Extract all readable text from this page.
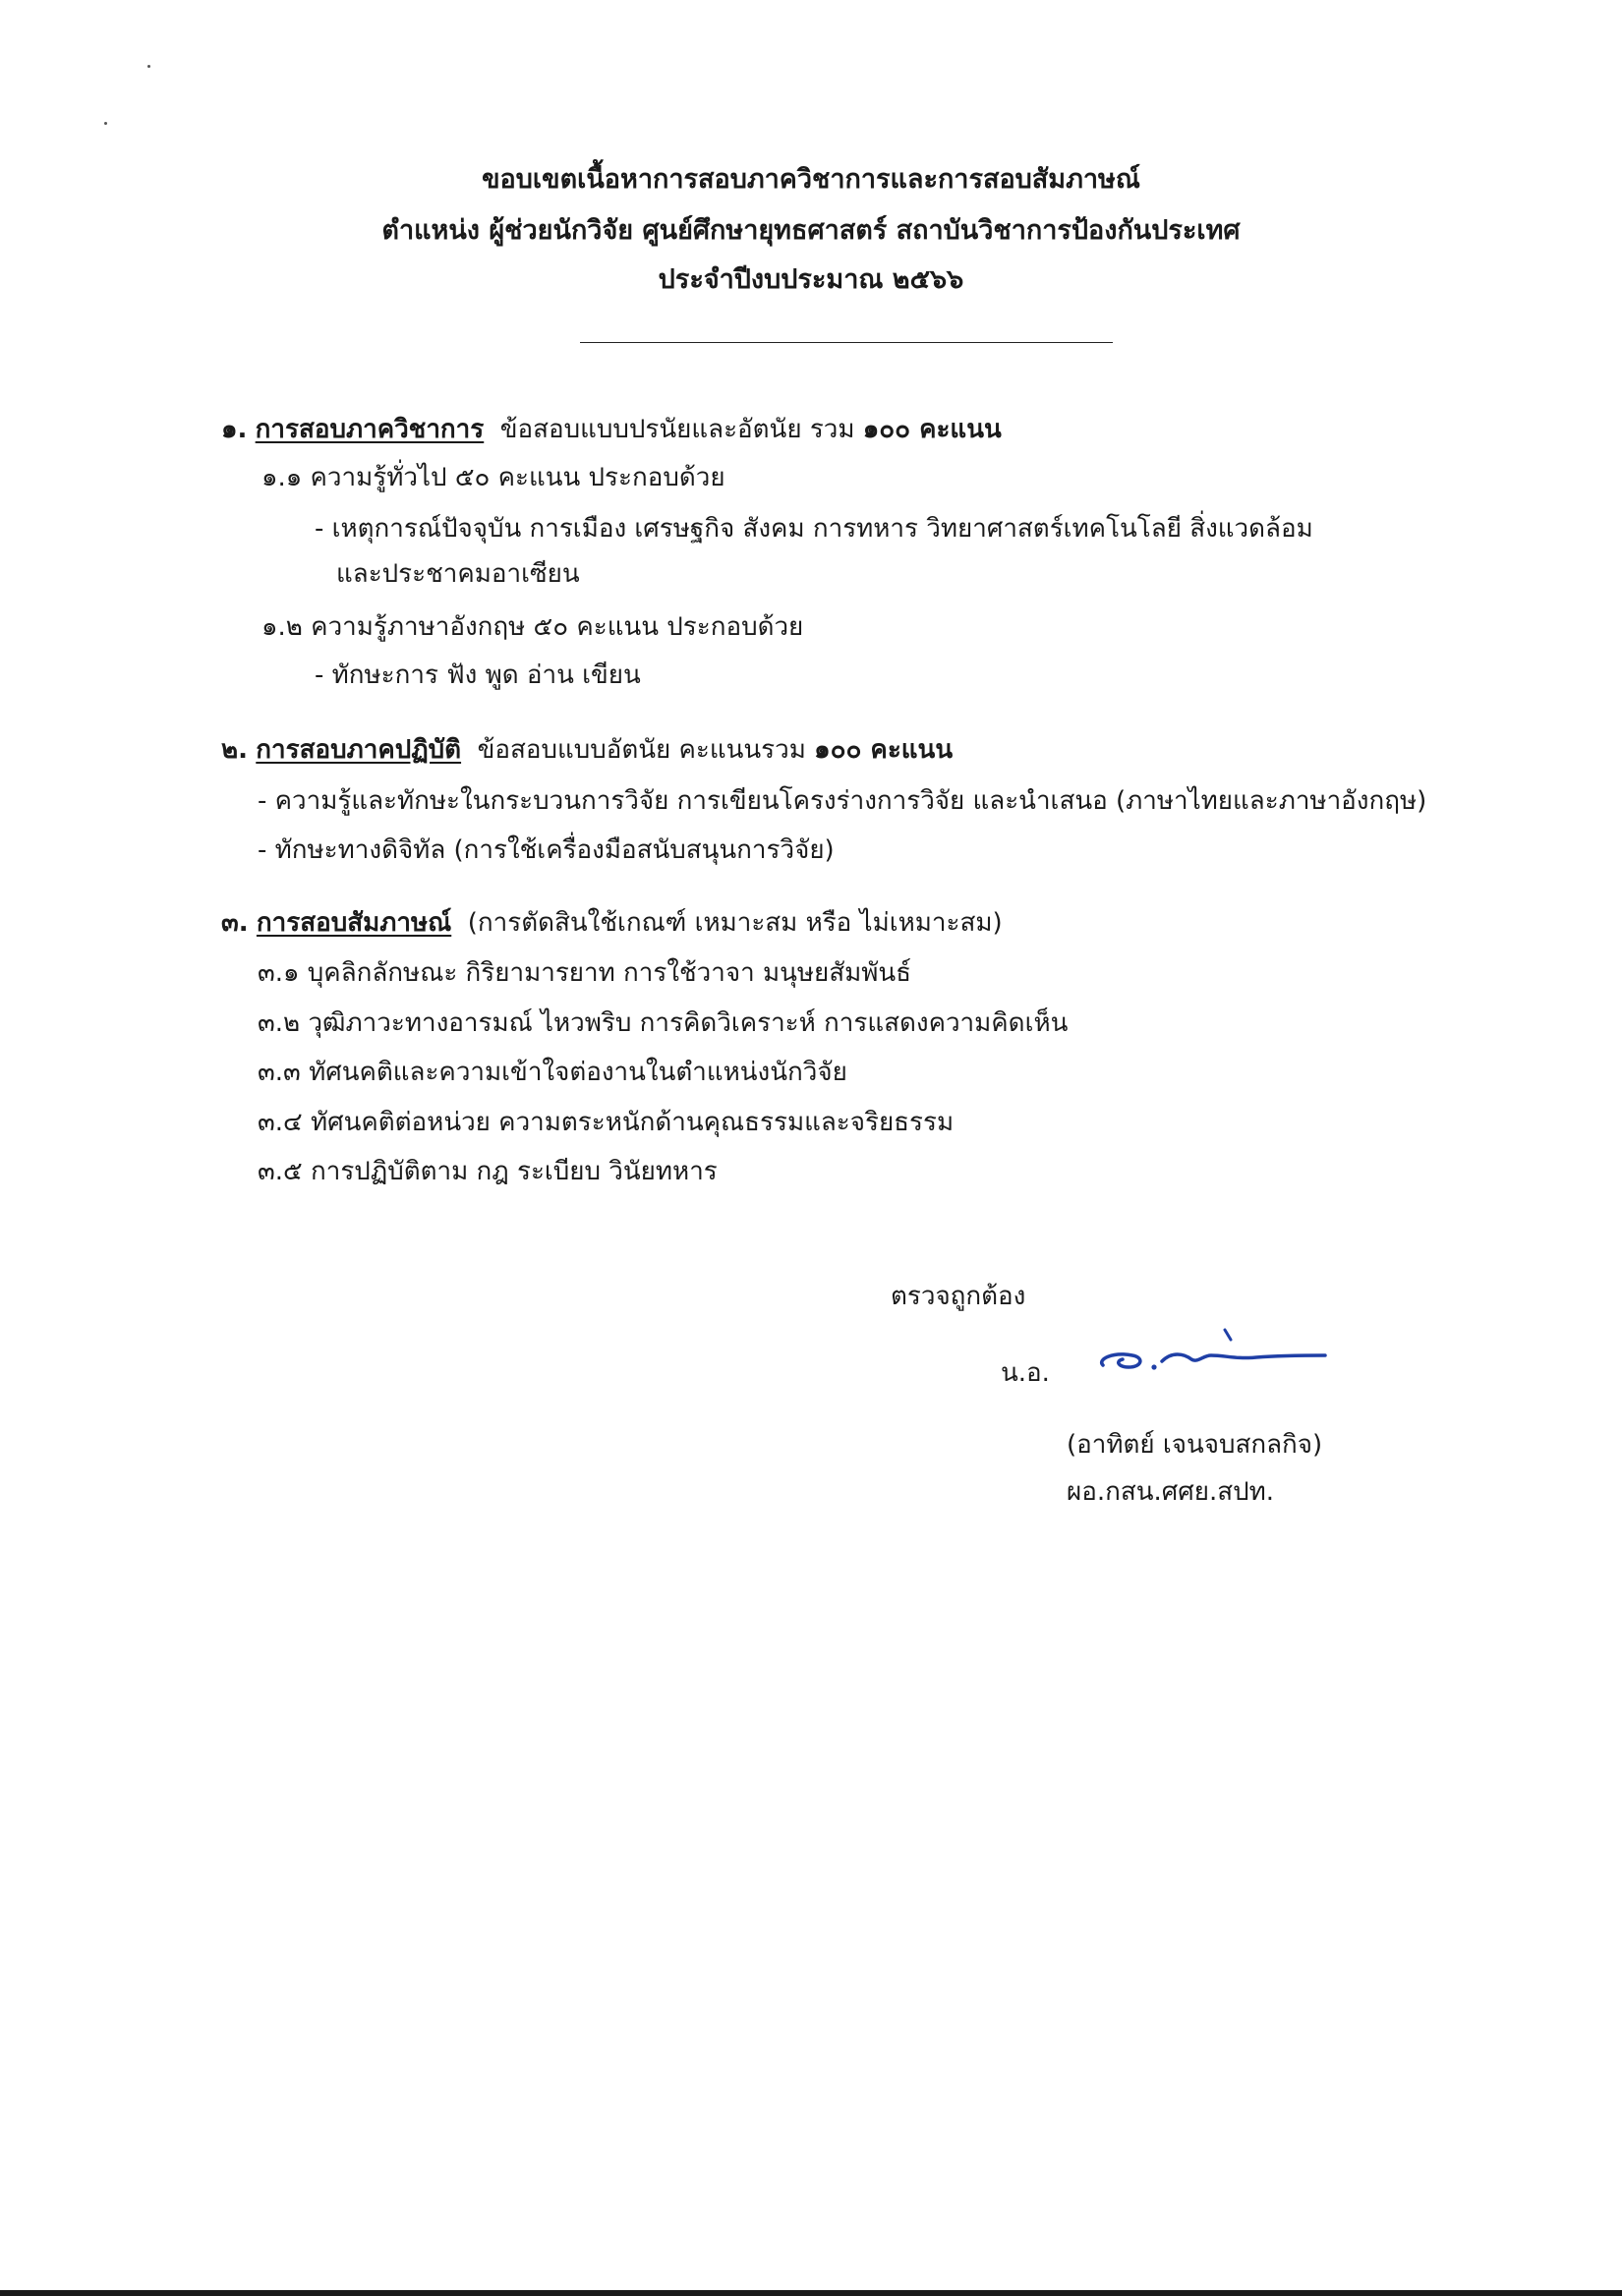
ขอบเขตเนื้อหาการสอบภาควิชาการและการสอบสัมภาษณ์
ตำแหน่ง ผู้ช่วยนักวิจัย ศูนย์ศึกษายุทธศาสตร์ สถาบันวิชาการป้องกันประเทศ
ประจำปีงบประมาณ ๒๕๖๖
๑. การสอบภาควิชาการ ข้อสอบแบบปรนัยและอัตนัย รวม ๑๐๐ คะแนน
๑.๑ ความรู้ทั่วไป ๕๐ คะแนน ประกอบด้วย
- เหตุการณ์ปัจจุบัน การเมือง เศรษฐกิจ สังคม การทหาร วิทยาศาสตร์เทคโนโลยี สิ่งแวดล้อม
และประชาคมอาเซียน
๑.๒ ความรู้ภาษาอังกฤษ ๕๐ คะแนน ประกอบด้วย
- ทักษะการ ฟัง พูด อ่าน เขียน
๒. การสอบภาคปฏิบัติ ข้อสอบแบบอัตนัย คะแนนรวม ๑๐๐ คะแนน
- ความรู้และทักษะในกระบวนการวิจัย การเขียนโครงร่างการวิจัย และนำเสนอ (ภาษาไทยและภาษาอังกฤษ)
- ทักษะทางดิจิทัล (การใช้เครื่องมือสนับสนุนการวิจัย)
๓. การสอบสัมภาษณ์ (การตัดสินใช้เกณฑ์ เหมาะสม หรือ ไม่เหมาะสม)
๓.๑ บุคลิกลักษณะ กิริยามารยาท การใช้วาจา มนุษยสัมพันธ์
๓.๒ วุฒิภาวะทางอารมณ์ ไหวพริบ การคิดวิเคราะห์ การแสดงความคิดเห็น
๓.๓ ทัศนคติและความเข้าใจต่องานในตำแหน่งนักวิจัย
๓.๔ ทัศนคติต่อหน่วย ความตระหนักด้านคุณธรรมและจริยธรรม
๓.๕ การปฏิบัติตาม กฎ ระเบียบ วินัยทหาร
ตรวจถูกต้อง
น.อ.
(อาทิตย์ เจนจบสกลกิจ)
ผอ.กสน.ศศย.สปท.
